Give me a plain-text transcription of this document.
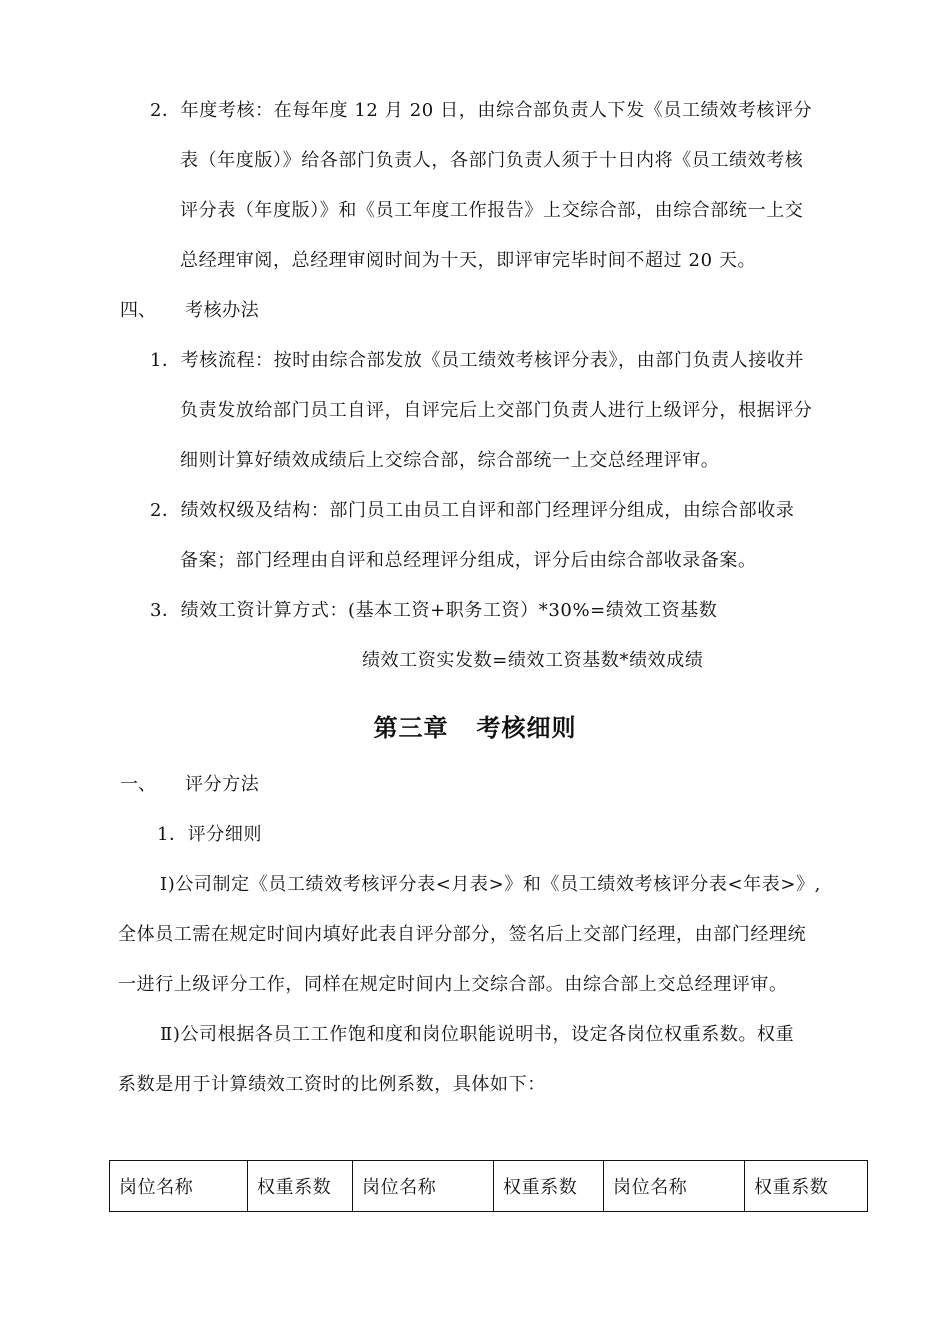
2．年度考核：在每年度 12 月 20 日，由综合部负责人下发《员工绩效考核评分
表（年度版）》给各部门负责人，各部门负责人须于十日内将《员工绩效考核
评分表（年度版）》和《员工年度工作报告》上交综合部，由综合部统一上交
总经理审阅，总经理审阅时间为十天，即评审完毕时间不超过 20 天。
四、 考核办法
1．考核流程：按时由综合部发放《员工绩效考核评分表》，由部门负责人接收并
负责发放给部门员工自评，自评完后上交部门负责人进行上级评分，根据评分
细则计算好绩效成绩后上交综合部，综合部统一上交总经理评审。
2．绩效权级及结构：部门员工由员工自评和部门经理评分组成，由综合部收录
备案；部门经理由自评和总经理评分组成，评分后由综合部收录备案。
3．绩效工资计算方式：(基本工资+职务工资）*30%=绩效工资基数
绩效工资实发数=绩效工资基数*绩效成绩
第三章 考核细则
一、 评分方法
1．评分细则
Ⅰ)公司制定《员工绩效考核评分表<月表>》和《员工绩效考核评分表<年表>》,
全体员工需在规定时间内填好此表自评分部分，签名后上交部门经理，由部门经理统
一进行上级评分工作，同样在规定时间内上交综合部。由综合部上交总经理评审。
Ⅱ)公司根据各员工工作饱和度和岗位职能说明书，设定各岗位权重系数。权重
系数是用于计算绩效工资时的比例系数，具体如下：
岗位名称	权重系数	岗位名称	权重系数	岗位名称	权重系数
